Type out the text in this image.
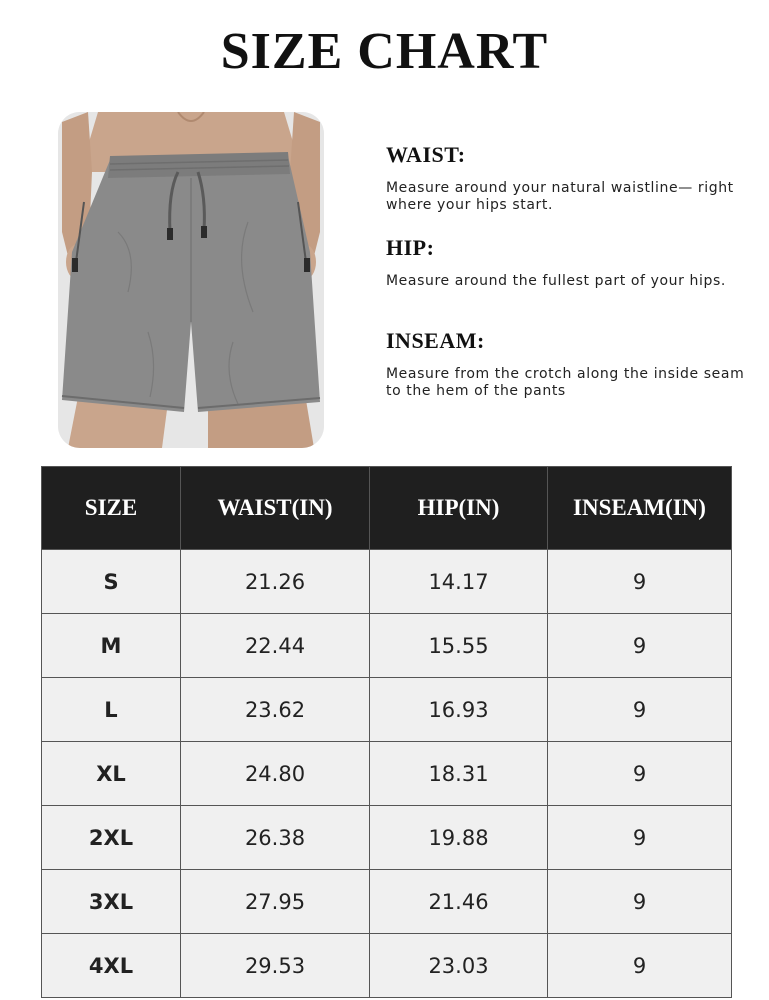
SIZE CHART
WAIST:

Measure around your natural waistline— right where your hips start.

HIP:

Measure around the fullest part of your hips.

INSEAM:

Measure from the crotch along the inside seam to the hem of the pants

SIZE	WAIST(IN)	HIP(IN)	INSEAM(IN)
S	21.26	14.17	9
M	22.44	15.55	9
L	23.62	16.93	9
XL	24.80	18.31	9
2XL	26.38	19.88	9
3XL	27.95	21.46	9
4XL	29.53	23.03	9
